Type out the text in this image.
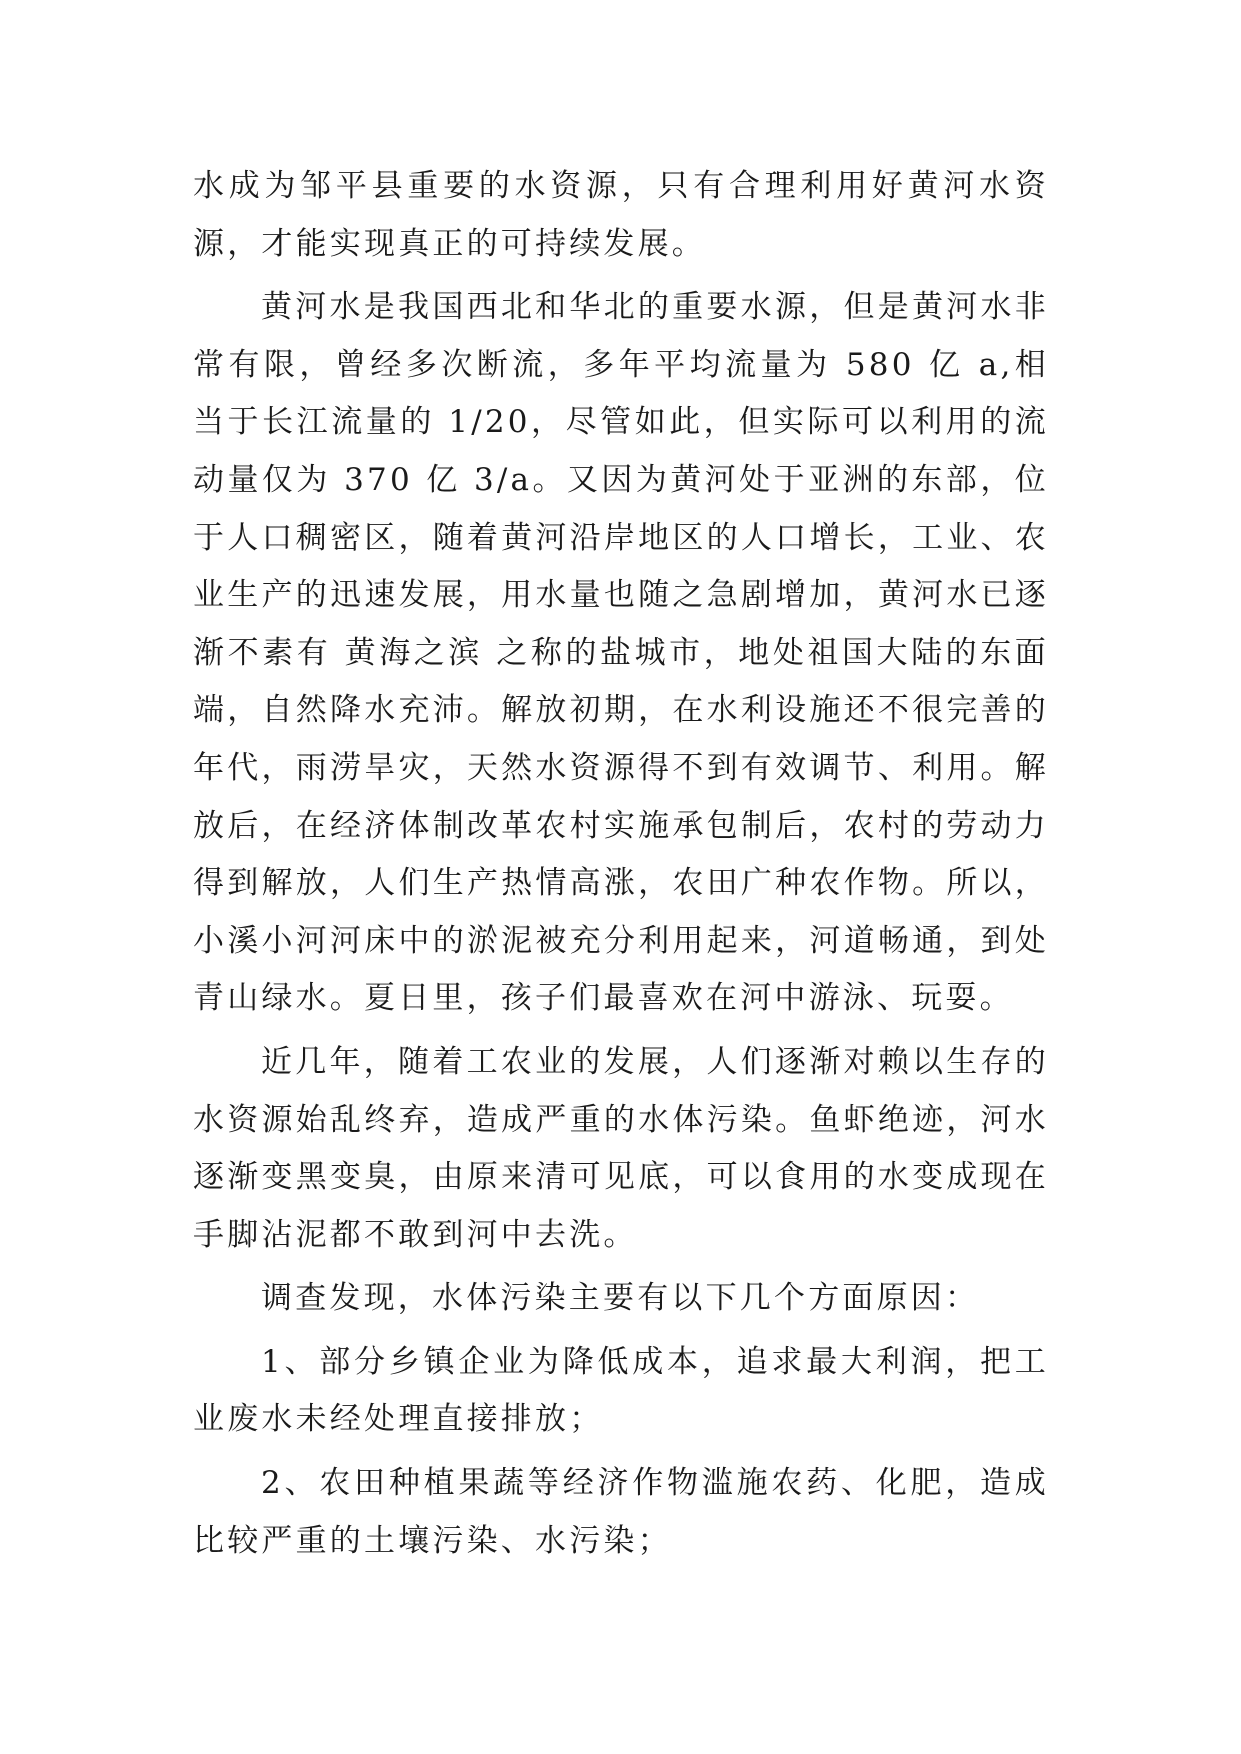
水成为邹平县重要的水资源，只有合理利用好黄河水资源，才能实现真正的可持续发展。

黄河水是我国西北和华北的重要水源，但是黄河水非常有限，曾经多次断流，多年平均流量为 580 亿 a,相当于长江流量的 1/20，尽管如此，但实际可以利用的流动量仅为 370 亿 3/a。又因为黄河处于亚洲的东部，位于人口稠密区，随着黄河沿岸地区的人口增长，工业、农业生产的迅速发展，用水量也随之急剧增加，黄河水已逐渐不素有 黄海之滨 之称的盐城市，地处祖国大陆的东面端，自然降水充沛。解放初期，在水利设施还不很完善的年代，雨涝旱灾，天然水资源得不到有效调节、利用。解放后，在经济体制改革农村实施承包制后，农村的劳动力得到解放，人们生产热情高涨，农田广种农作物。所以，小溪小河河床中的淤泥被充分利用起来，河道畅通，到处青山绿水。夏日里，孩子们最喜欢在河中游泳、玩耍。

近几年，随着工农业的发展，人们逐渐对赖以生存的水资源始乱终弃，造成严重的水体污染。鱼虾绝迹，河水逐渐变黑变臭，由原来清可见底，可以食用的水变成现在手脚沾泥都不敢到河中去洗。

调查发现，水体污染主要有以下几个方面原因：

1、部分乡镇企业为降低成本，追求最大利润，把工业废水未经处理直接排放；

2、农田种植果蔬等经济作物滥施农药、化肥，造成比较严重的土壤污染、水污染；
